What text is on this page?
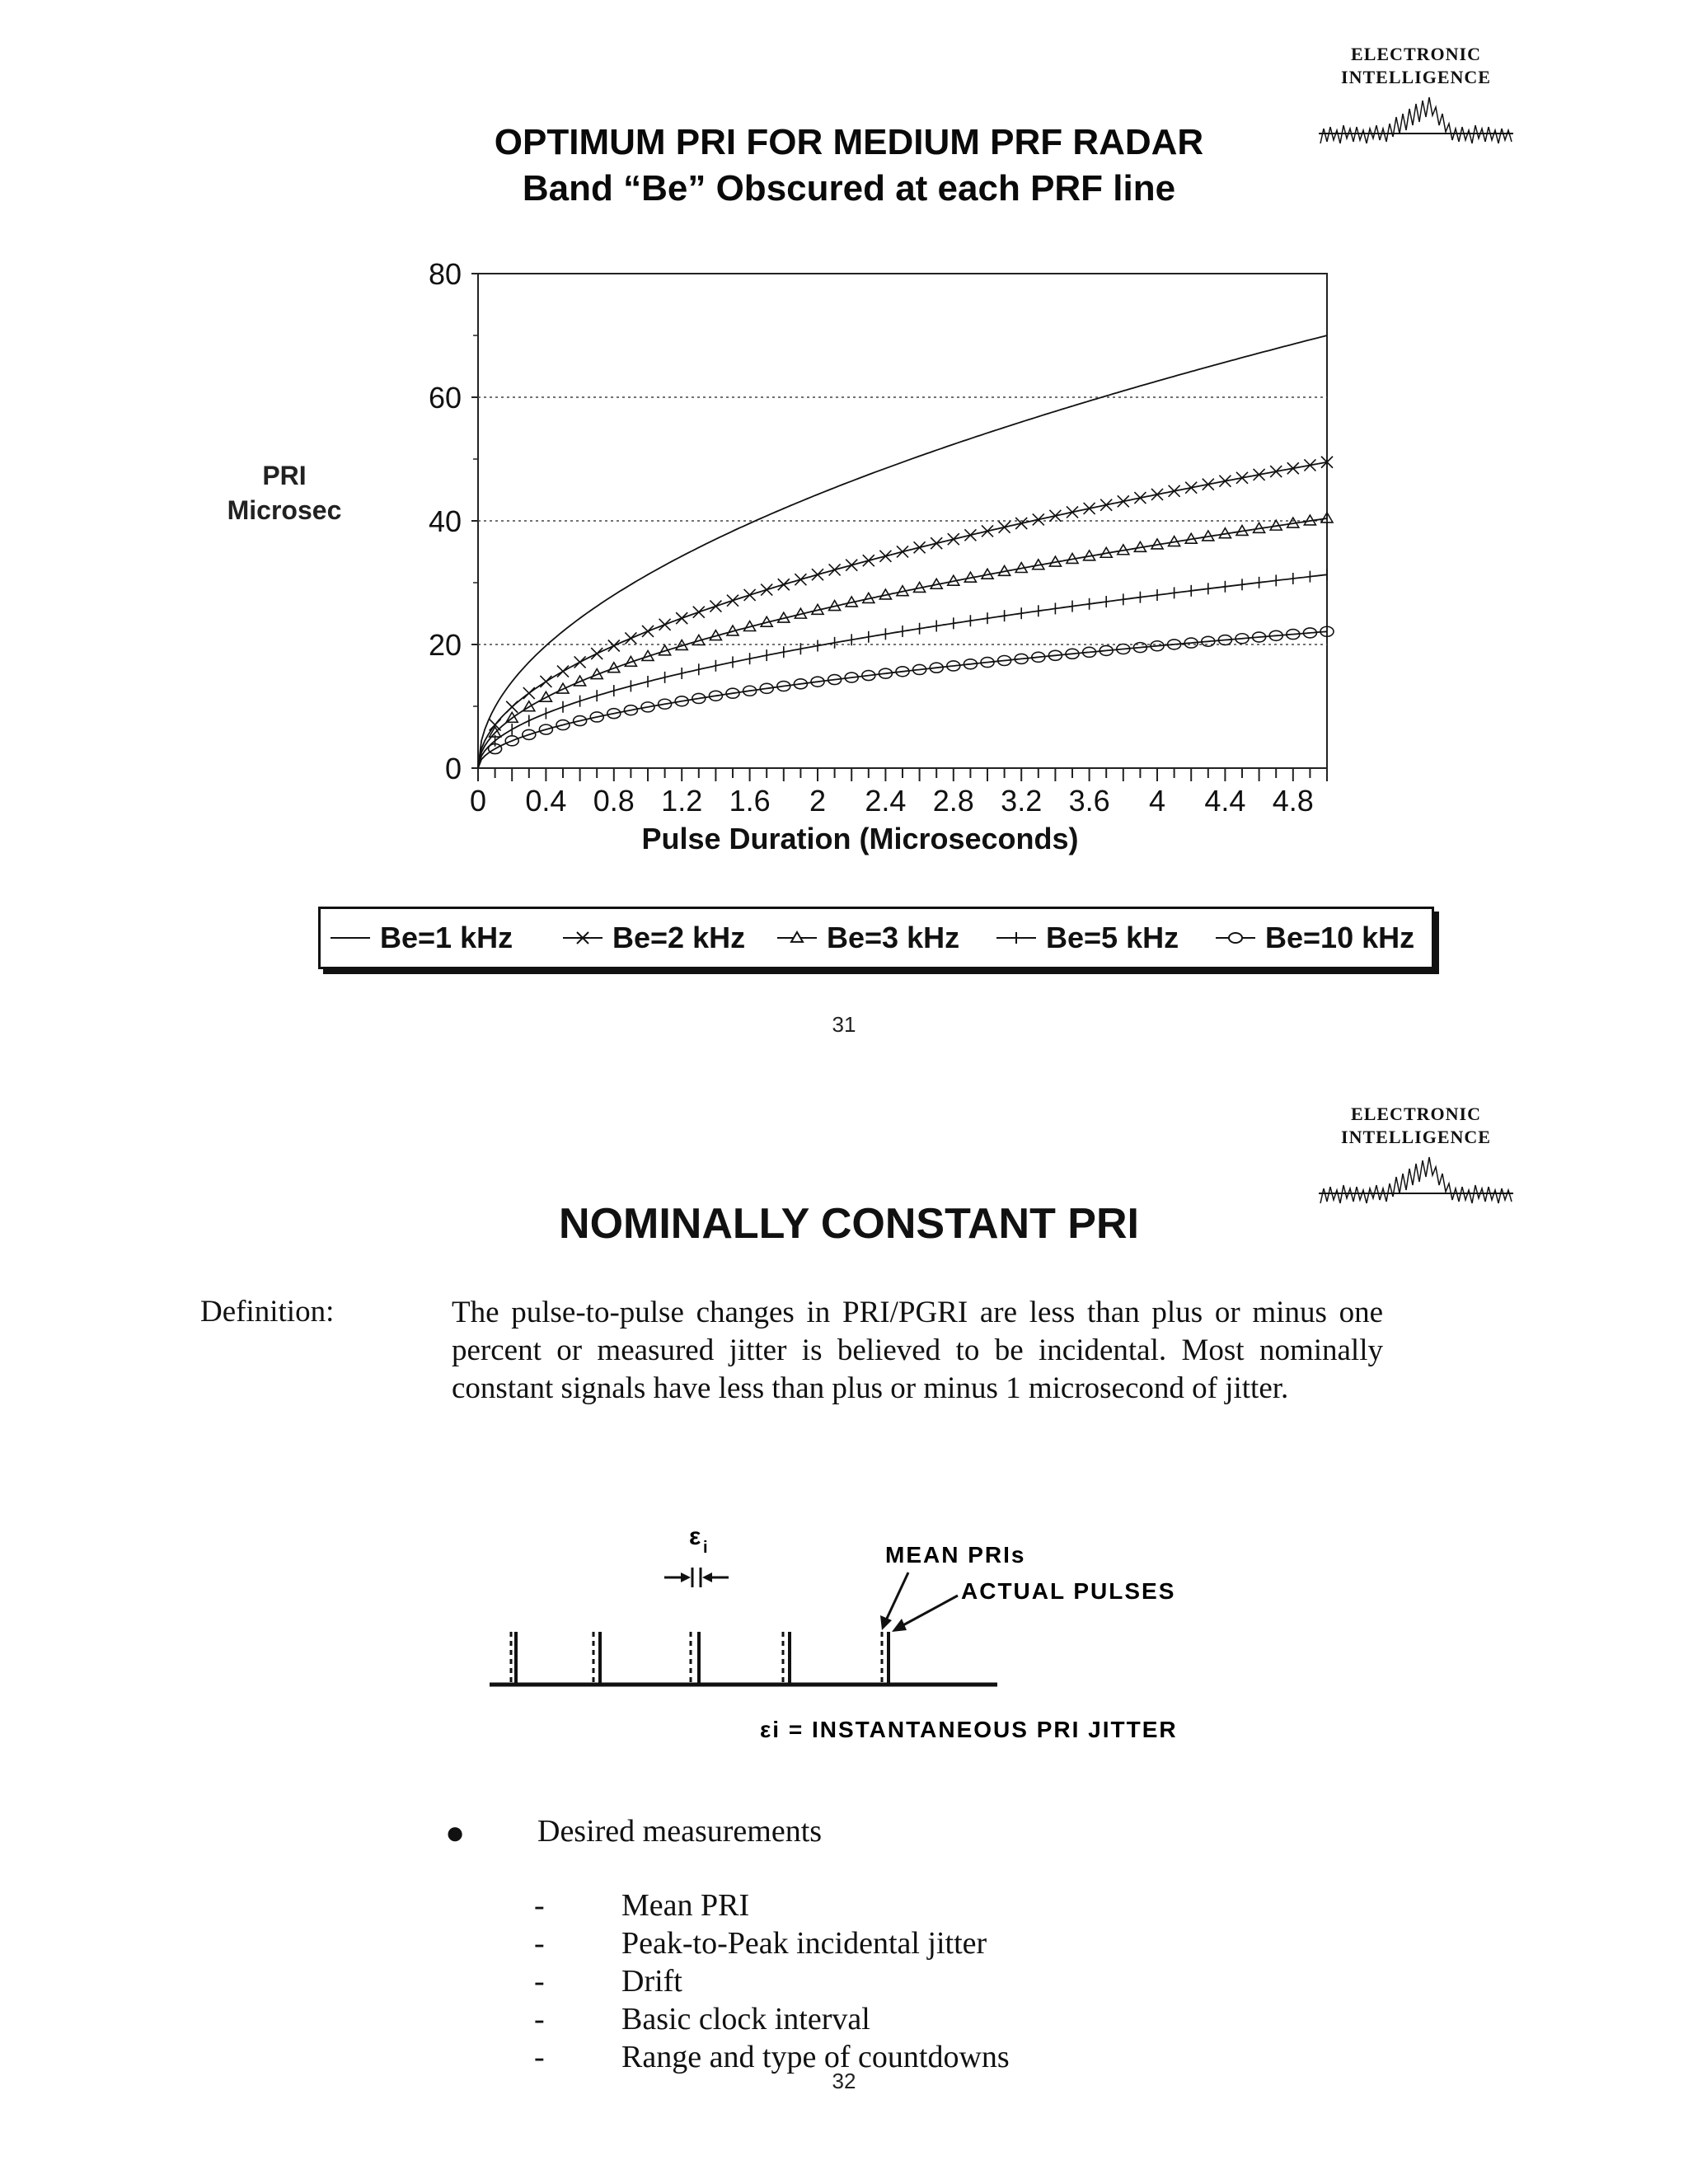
ELECTRONIC
INTELLIGENCE
OPTIMUM PRI FOR MEDIUM PRF RADAR
Band “Be” Obscured at each PRF line
PRI
Microsec
0
20
40
60
80
0 0.4 0.8 1.2 1.6 2 2.4 2.8 3.2 3.6 4 4.4 4.8
Pulse Duration (Microseconds)
Be=1 kHz	Be=2 kHz	Be=3 kHz	Be=5 kHz	Be=10 kHz
31
ELECTRONIC
INTELLIGENCE
NOMINALLY CONSTANT PRI
Definition:	The pulse-to-pulse changes in PRI/PGRI are less than plus or minus one percent or measured jitter is believed to be incidental. Most nominally constant signals have less than plus or minus 1 microsecond of jitter.
ε i	MEAN PRIs
ACTUAL PULSES
εi = INSTANTANEOUS PRI JITTER
● Desired measurements
-	Mean PRI
-	Peak-to-Peak incidental jitter
-	Drift
-	Basic clock interval
-	Range and type of countdowns
32
